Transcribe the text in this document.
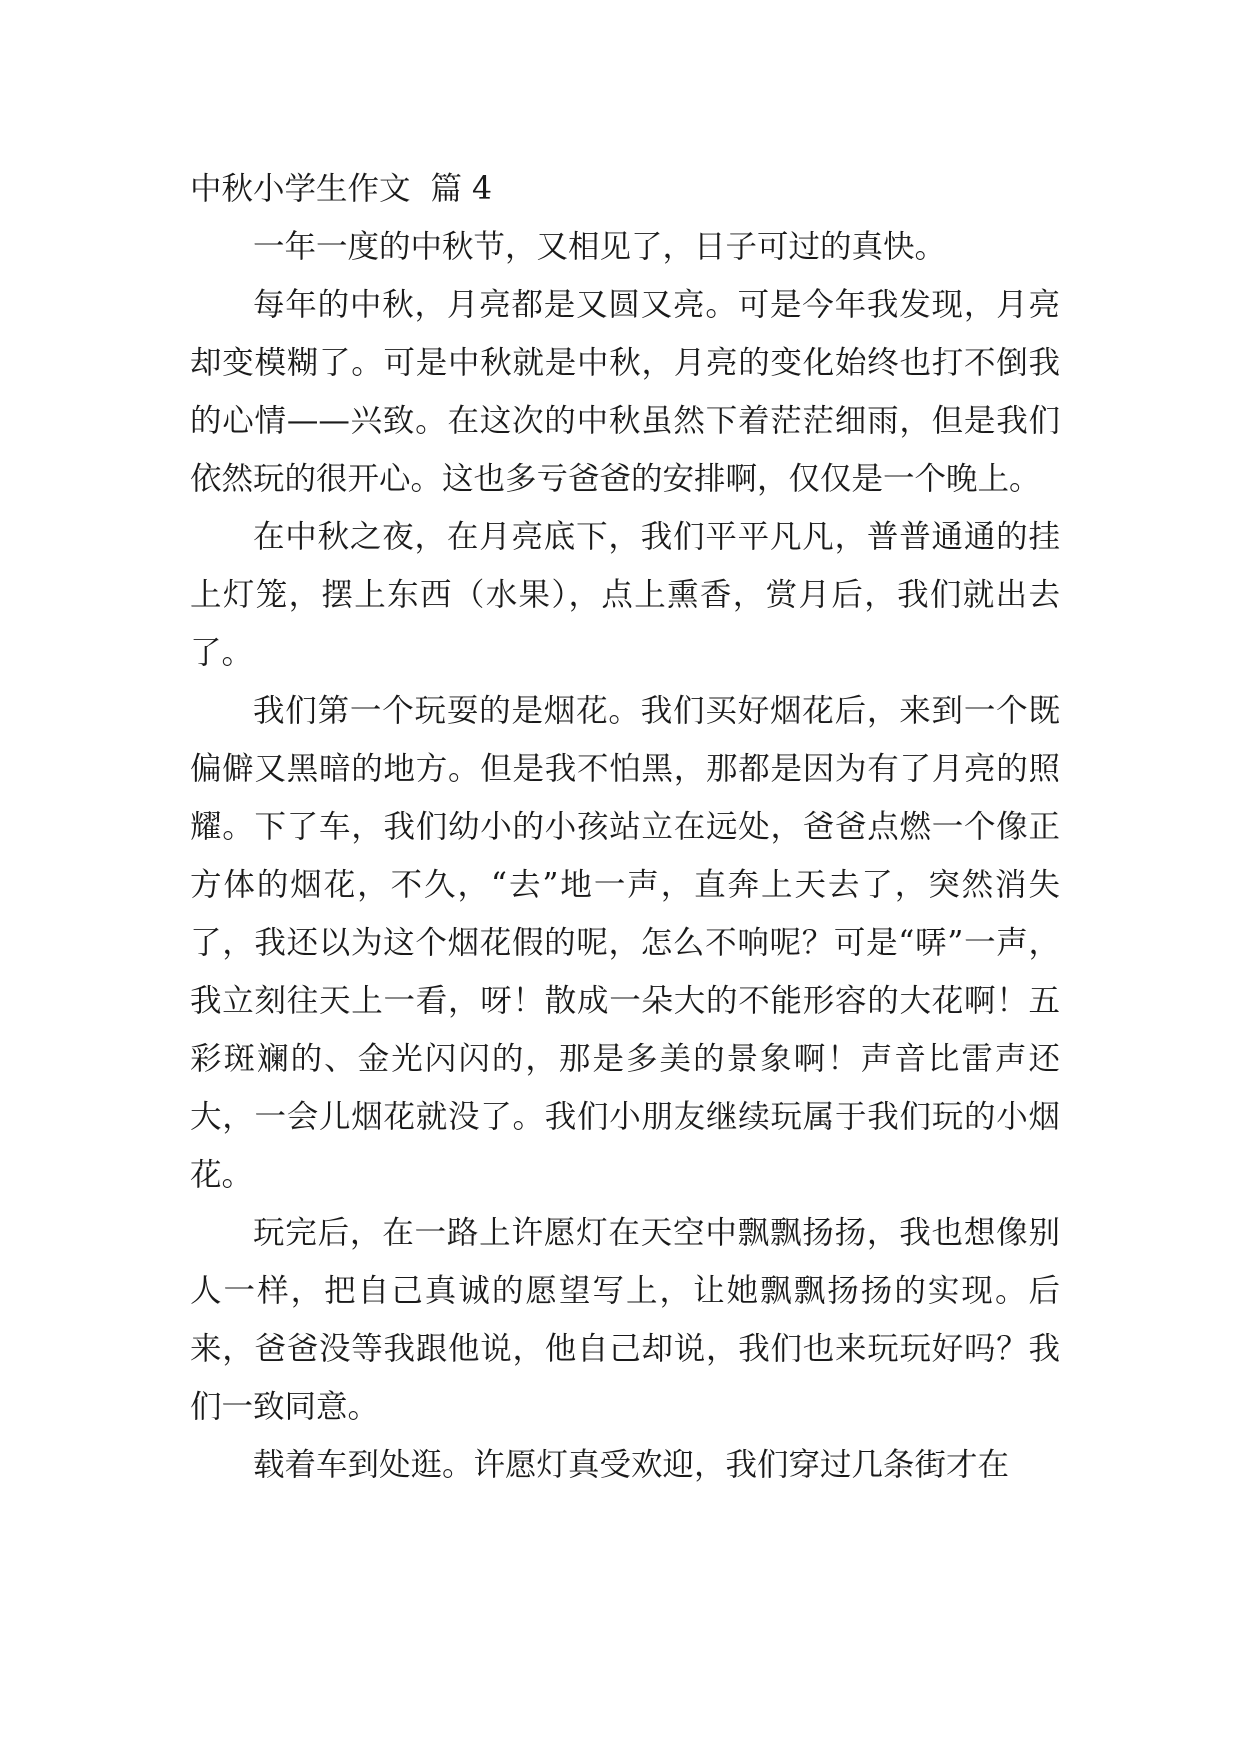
中秋小学生作文  篇 4

一年一度的中秋节，又相见了，日子可过的真快。

每年的中秋，月亮都是又圆又亮。可是今年我发现，月亮却变模糊了。可是中秋就是中秋，月亮的变化始终也打不倒我的心情——兴致。在这次的中秋虽然下着茫茫细雨，但是我们依然玩的很开心。这也多亏爸爸的安排啊，仅仅是一个晚上。

在中秋之夜，在月亮底下，我们平平凡凡，普普通通的挂上灯笼，摆上东西（水果），点上熏香，赏月后，我们就出去了。

我们第一个玩耍的是烟花。我们买好烟花后，来到一个既偏僻又黑暗的地方。但是我不怕黑，那都是因为有了月亮的照耀。下了车，我们幼小的小孩站立在远处，爸爸点燃一个像正方体的烟花，不久，“去”地一声，直奔上天去了，突然消失了，我还以为这个烟花假的呢，怎么不响呢？可是“哢”一声，我立刻往天上一看，呀！散成一朵大的不能形容的大花啊！五彩斑斓的、金光闪闪的，那是多美的景象啊！声音比雷声还大，一会儿烟花就没了。我们小朋友继续玩属于我们玩的小烟花。

玩完后，在一路上许愿灯在天空中飘飘扬扬，我也想像别人一样，把自己真诚的愿望写上，让她飘飘扬扬的实现。后来，爸爸没等我跟他说，他自己却说，我们也来玩玩好吗？我们一致同意。

载着车到处逛。许愿灯真受欢迎，我们穿过几条街才在
